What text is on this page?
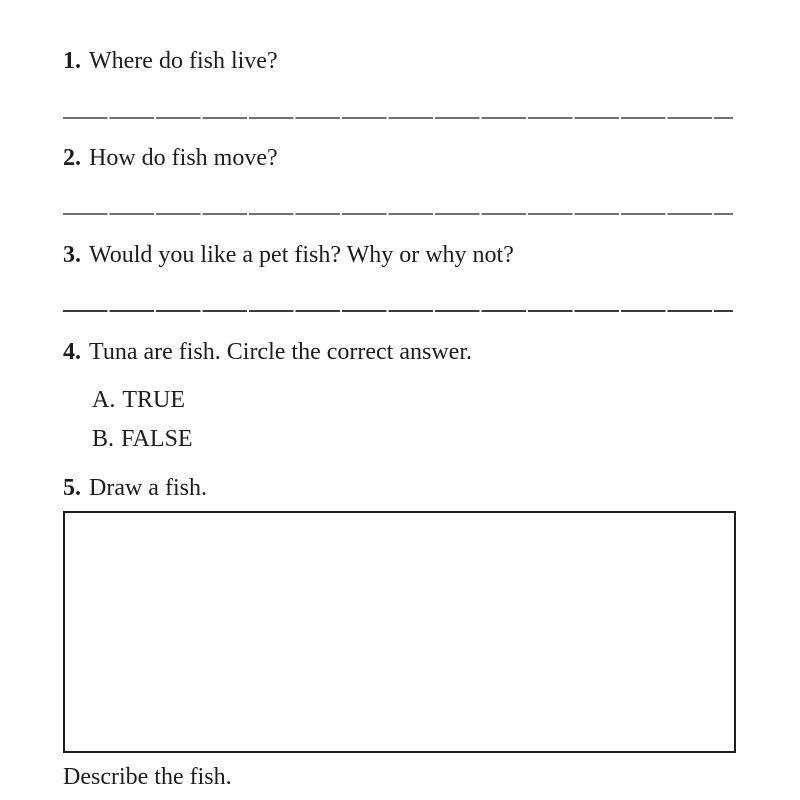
1. Where do fish live?
2. How do fish move?
3. Would you like a pet fish? Why or why not?
4. Tuna are fish. Circle the correct answer.
A. TRUE
B. FALSE
5. Draw a fish.
Describe the fish.
